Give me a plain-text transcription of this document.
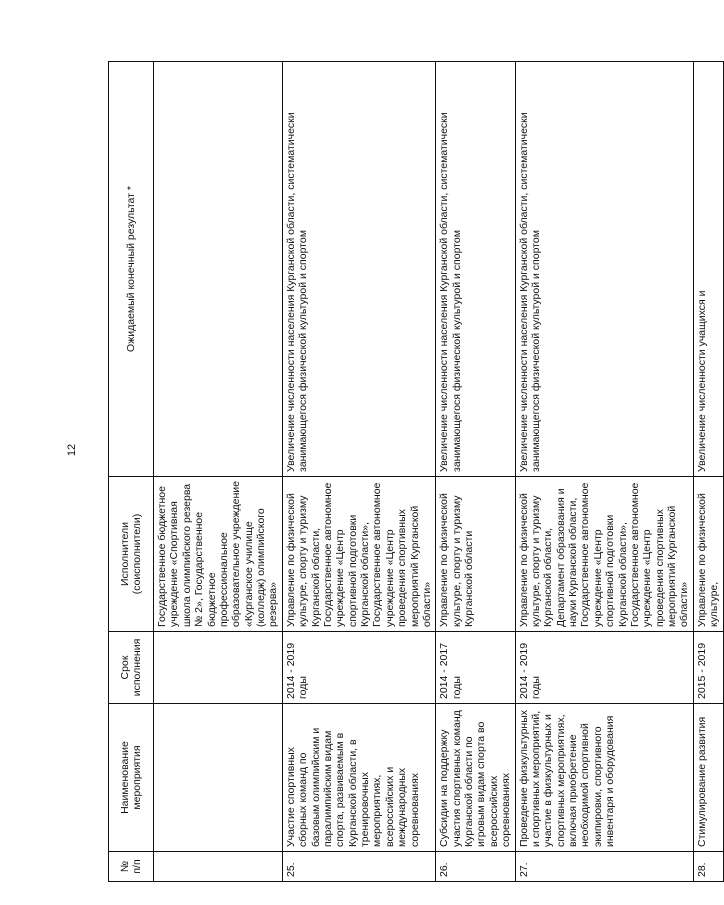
12
№ п/п	Наименование мероприятия	Срок исполнения	Исполнители (соисполнители)	Ожидаемый конечный результат *
			Государственное бюджетное учреждение «Спортивная школа олимпийского резерва № 2», Государственное бюджетное профессиональное образовательное учреждение «Курганское училище (колледж) олимпийского резерва»	
25.	Участие спортивных сборных команд по базовым олимпийским и паралимпийским видам спорта, развиваемым в Курганской области, в тренировочных мероприятиях, всероссийских и международных соревнованиях	2014 - 2019 годы	Управление по физической культуре, спорту и туризму Курганской области, Государственное автономное учреждение «Центр спортивной подготовки Курганской области», Государственное автономное учреждение «Центр проведения спортивных мероприятий Курганской области»	Увеличение численности населения Курганской области, систематически занимающегося физической культурой и спортом
26.	Субсидии на поддержку участия спортивных команд Курганской области по игровым видам спорта во всероссийских соревнованиях	2014 - 2017 годы	Управление по физической культуре, спорту и туризму Курганской области	Увеличение численности населения Курганской области, систематически занимающегося физической культурой и спортом
27.	Проведение физкультурных и спортивных мероприятий, участие в физкультурных и спортивных мероприятиях, включая приобретение необходимой спортивной экипировки, спортивного инвентаря и оборудования	2014 - 2019 годы	Управление по физической культуре, спорту и туризму Курганской области, Департамент образования и науки Курганской области, Государственное автономное учреждение «Центр спортивной подготовки Курганской области», Государственное автономное учреждение «Центр проведения спортивных мероприятий Курганской области»	Увеличение численности населения Курганской области, систематически занимающегося физической культурой и спортом
28.	Стимулирование развития	2015 - 2019	Управление по физической культуре,	Увеличение численности учащихся и
